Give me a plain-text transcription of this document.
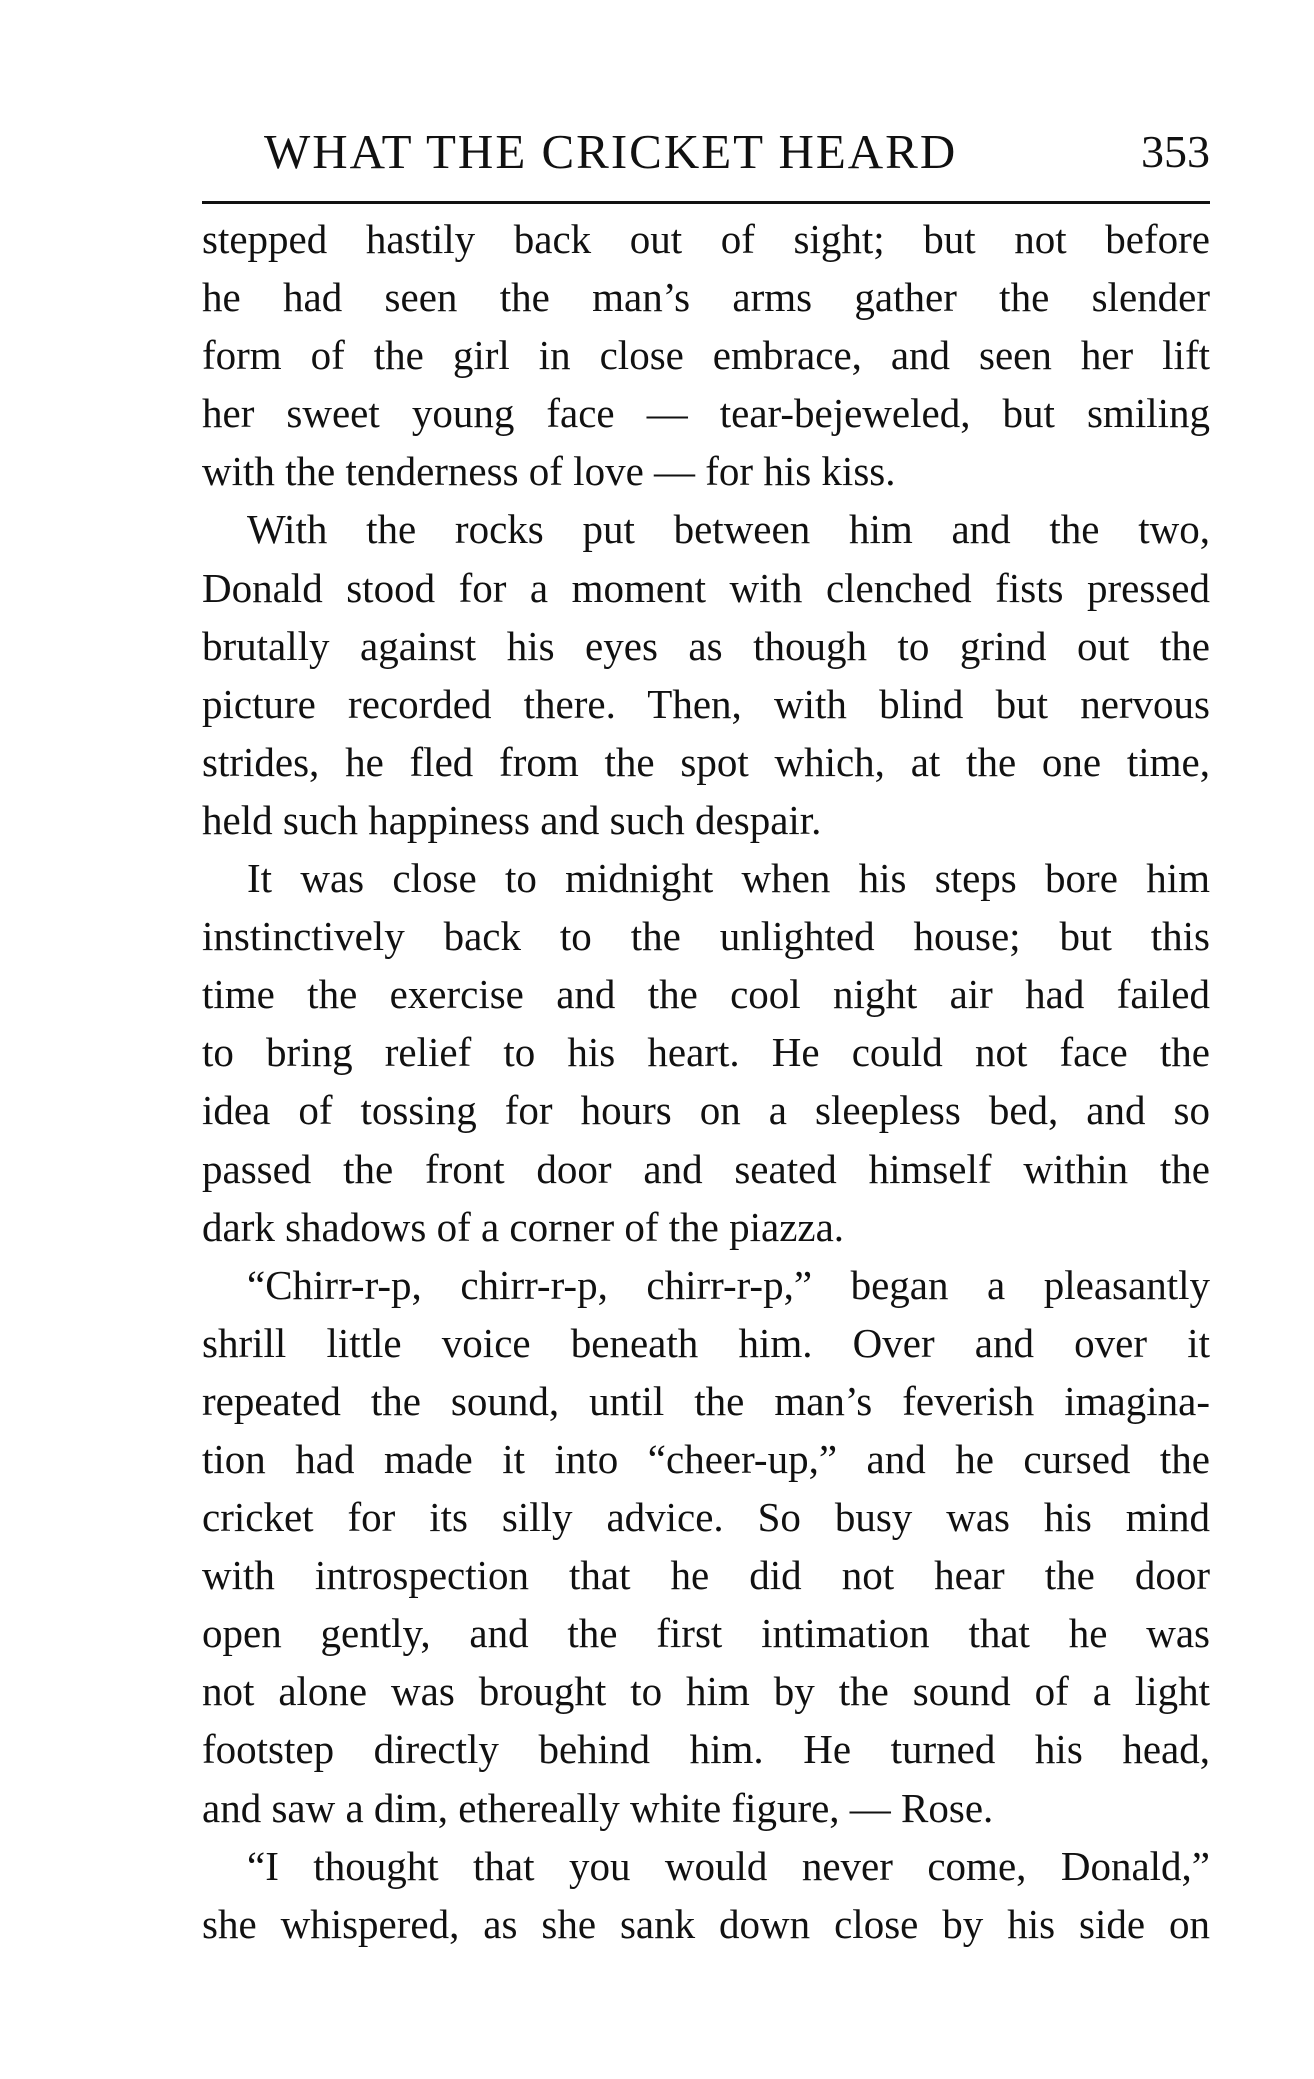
WHAT THE CRICKET HEARD	353
stepped hastily back out of sight; but not before
he had seen the man’s arms gather the slender
form of the girl in close embrace, and seen her lift
her sweet young face — tear-bejeweled, but smiling
with the tenderness of love — for his kiss.
With the rocks put between him and the two,
Donald stood for a moment with clenched fists pressed
brutally against his eyes as though to grind out the
picture recorded there. Then, with blind but nervous
strides, he fled from the spot which, at the one time,
held such happiness and such despair.
It was close to midnight when his steps bore him
instinctively back to the unlighted house; but this
time the exercise and the cool night air had failed
to bring relief to his heart. He could not face the
idea of tossing for hours on a sleepless bed, and so
passed the front door and seated himself within the
dark shadows of a corner of the piazza.
“Chirr-r-p, chirr-r-p, chirr-r-p,” began a pleasantly
shrill little voice beneath him. Over and over it
repeated the sound, until the man’s feverish imagina-
tion had made it into “cheer-up,” and he cursed the
cricket for its silly advice. So busy was his mind
with introspection that he did not hear the door
open gently, and the first intimation that he was
not alone was brought to him by the sound of a light
footstep directly behind him. He turned his head,
and saw a dim, ethereally white figure, — Rose.
“I thought that you would never come, Donald,”
she whispered, as she sank down close by his side on
